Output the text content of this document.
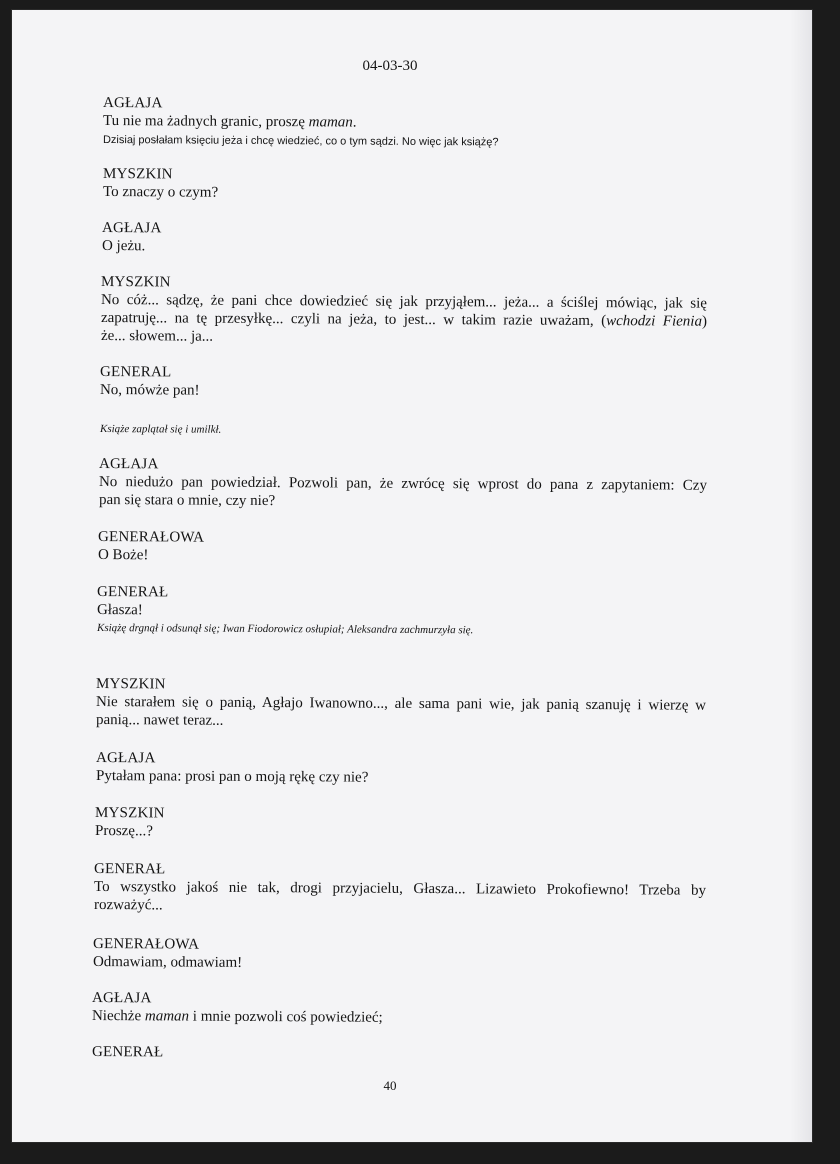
04-03-30
AGŁAJA
Tu nie ma żadnych granic, proszę maman.
Dzisiaj posłałam księciu jeża i chcę wiedzieć, co o tym sądzi. No więc jak książę?
MYSZKIN
To znaczy o czym?
AGŁAJA
O jeżu.
MYSZKIN
No cóż... sądzę, że pani chce dowiedzieć się jak przyjąłem... jeża... a ściślej mówiąc, jak się
zapatruję... na tę przesyłkę... czyli na jeża, to jest... w takim razie uważam, (wchodzi Fienia)
że... słowem... ja...
GENERAL
No, mówże pan!
Książe zaplątał się i umilkł.
AGŁAJA
No niedużo pan powiedział. Pozwoli pan, że zwrócę się wprost do pana z zapytaniem: Czy
pan się stara o mnie, czy nie?
GENERAŁOWA
O Boże!
GENERAŁ
Głasza!
Książę drgnął i odsunął się; Iwan Fiodorowicz osłupiał; Aleksandra zachmurzyła się.
MYSZKIN
Nie starałem się o panią, Agłajo Iwanowno..., ale sama pani wie, jak panią szanuję i wierzę w
panią... nawet teraz...
AGŁAJA
Pytałam pana: prosi pan o moją rękę czy nie?
MYSZKIN
Proszę...?
GENERAŁ
To wszystko jakoś nie tak, drogi przyjacielu, Głasza... Lizawieto Prokofiewno! Trzeba by
rozważyć...
GENERAŁOWA
Odmawiam, odmawiam!
AGŁAJA
Niechże maman i mnie pozwoli coś powiedzieć;
GENERAŁ
40
